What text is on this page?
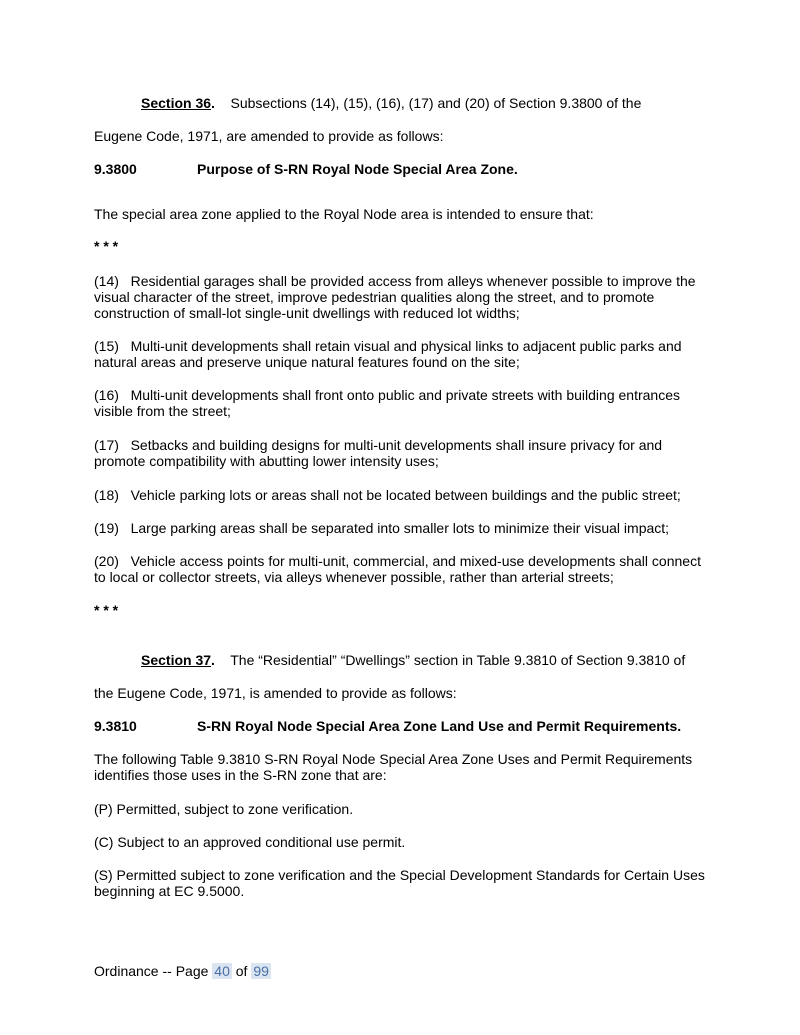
Section 36. Subsections (14), (15), (16), (17) and (20) of Section 9.3800 of the
Eugene Code, 1971, are amended to provide as follows:
9.3800	Purpose of S-RN Royal Node Special Area Zone.
The special area zone applied to the Royal Node area is intended to ensure that:
* * *
(14) Residential garages shall be provided access from alleys whenever possible to improve the visual character of the street, improve pedestrian qualities along the street, and to promote construction of small-lot single-unit dwellings with reduced lot widths;
(15) Multi-unit developments shall retain visual and physical links to adjacent public parks and natural areas and preserve unique natural features found on the site;
(16) Multi-unit developments shall front onto public and private streets with building entrances visible from the street;
(17) Setbacks and building designs for multi-unit developments shall insure privacy for and promote compatibility with abutting lower intensity uses;
(18) Vehicle parking lots or areas shall not be located between buildings and the public street;
(19) Large parking areas shall be separated into smaller lots to minimize their visual impact;
(20) Vehicle access points for multi-unit, commercial, and mixed-use developments shall connect to local or collector streets, via alleys whenever possible, rather than arterial streets;
* * *
Section 37. The “Residential” “Dwellings” section in Table 9.3810 of Section 9.3810 of
the Eugene Code, 1971, is amended to provide as follows:
9.3810	S-RN Royal Node Special Area Zone Land Use and Permit Requirements.
The following Table 9.3810 S-RN Royal Node Special Area Zone Uses and Permit Requirements identifies those uses in the S-RN zone that are:
(P) Permitted, subject to zone verification.
(C) Subject to an approved conditional use permit.
(S) Permitted subject to zone verification and the Special Development Standards for Certain Uses beginning at EC 9.5000.
Ordinance -- Page 40 of 99
